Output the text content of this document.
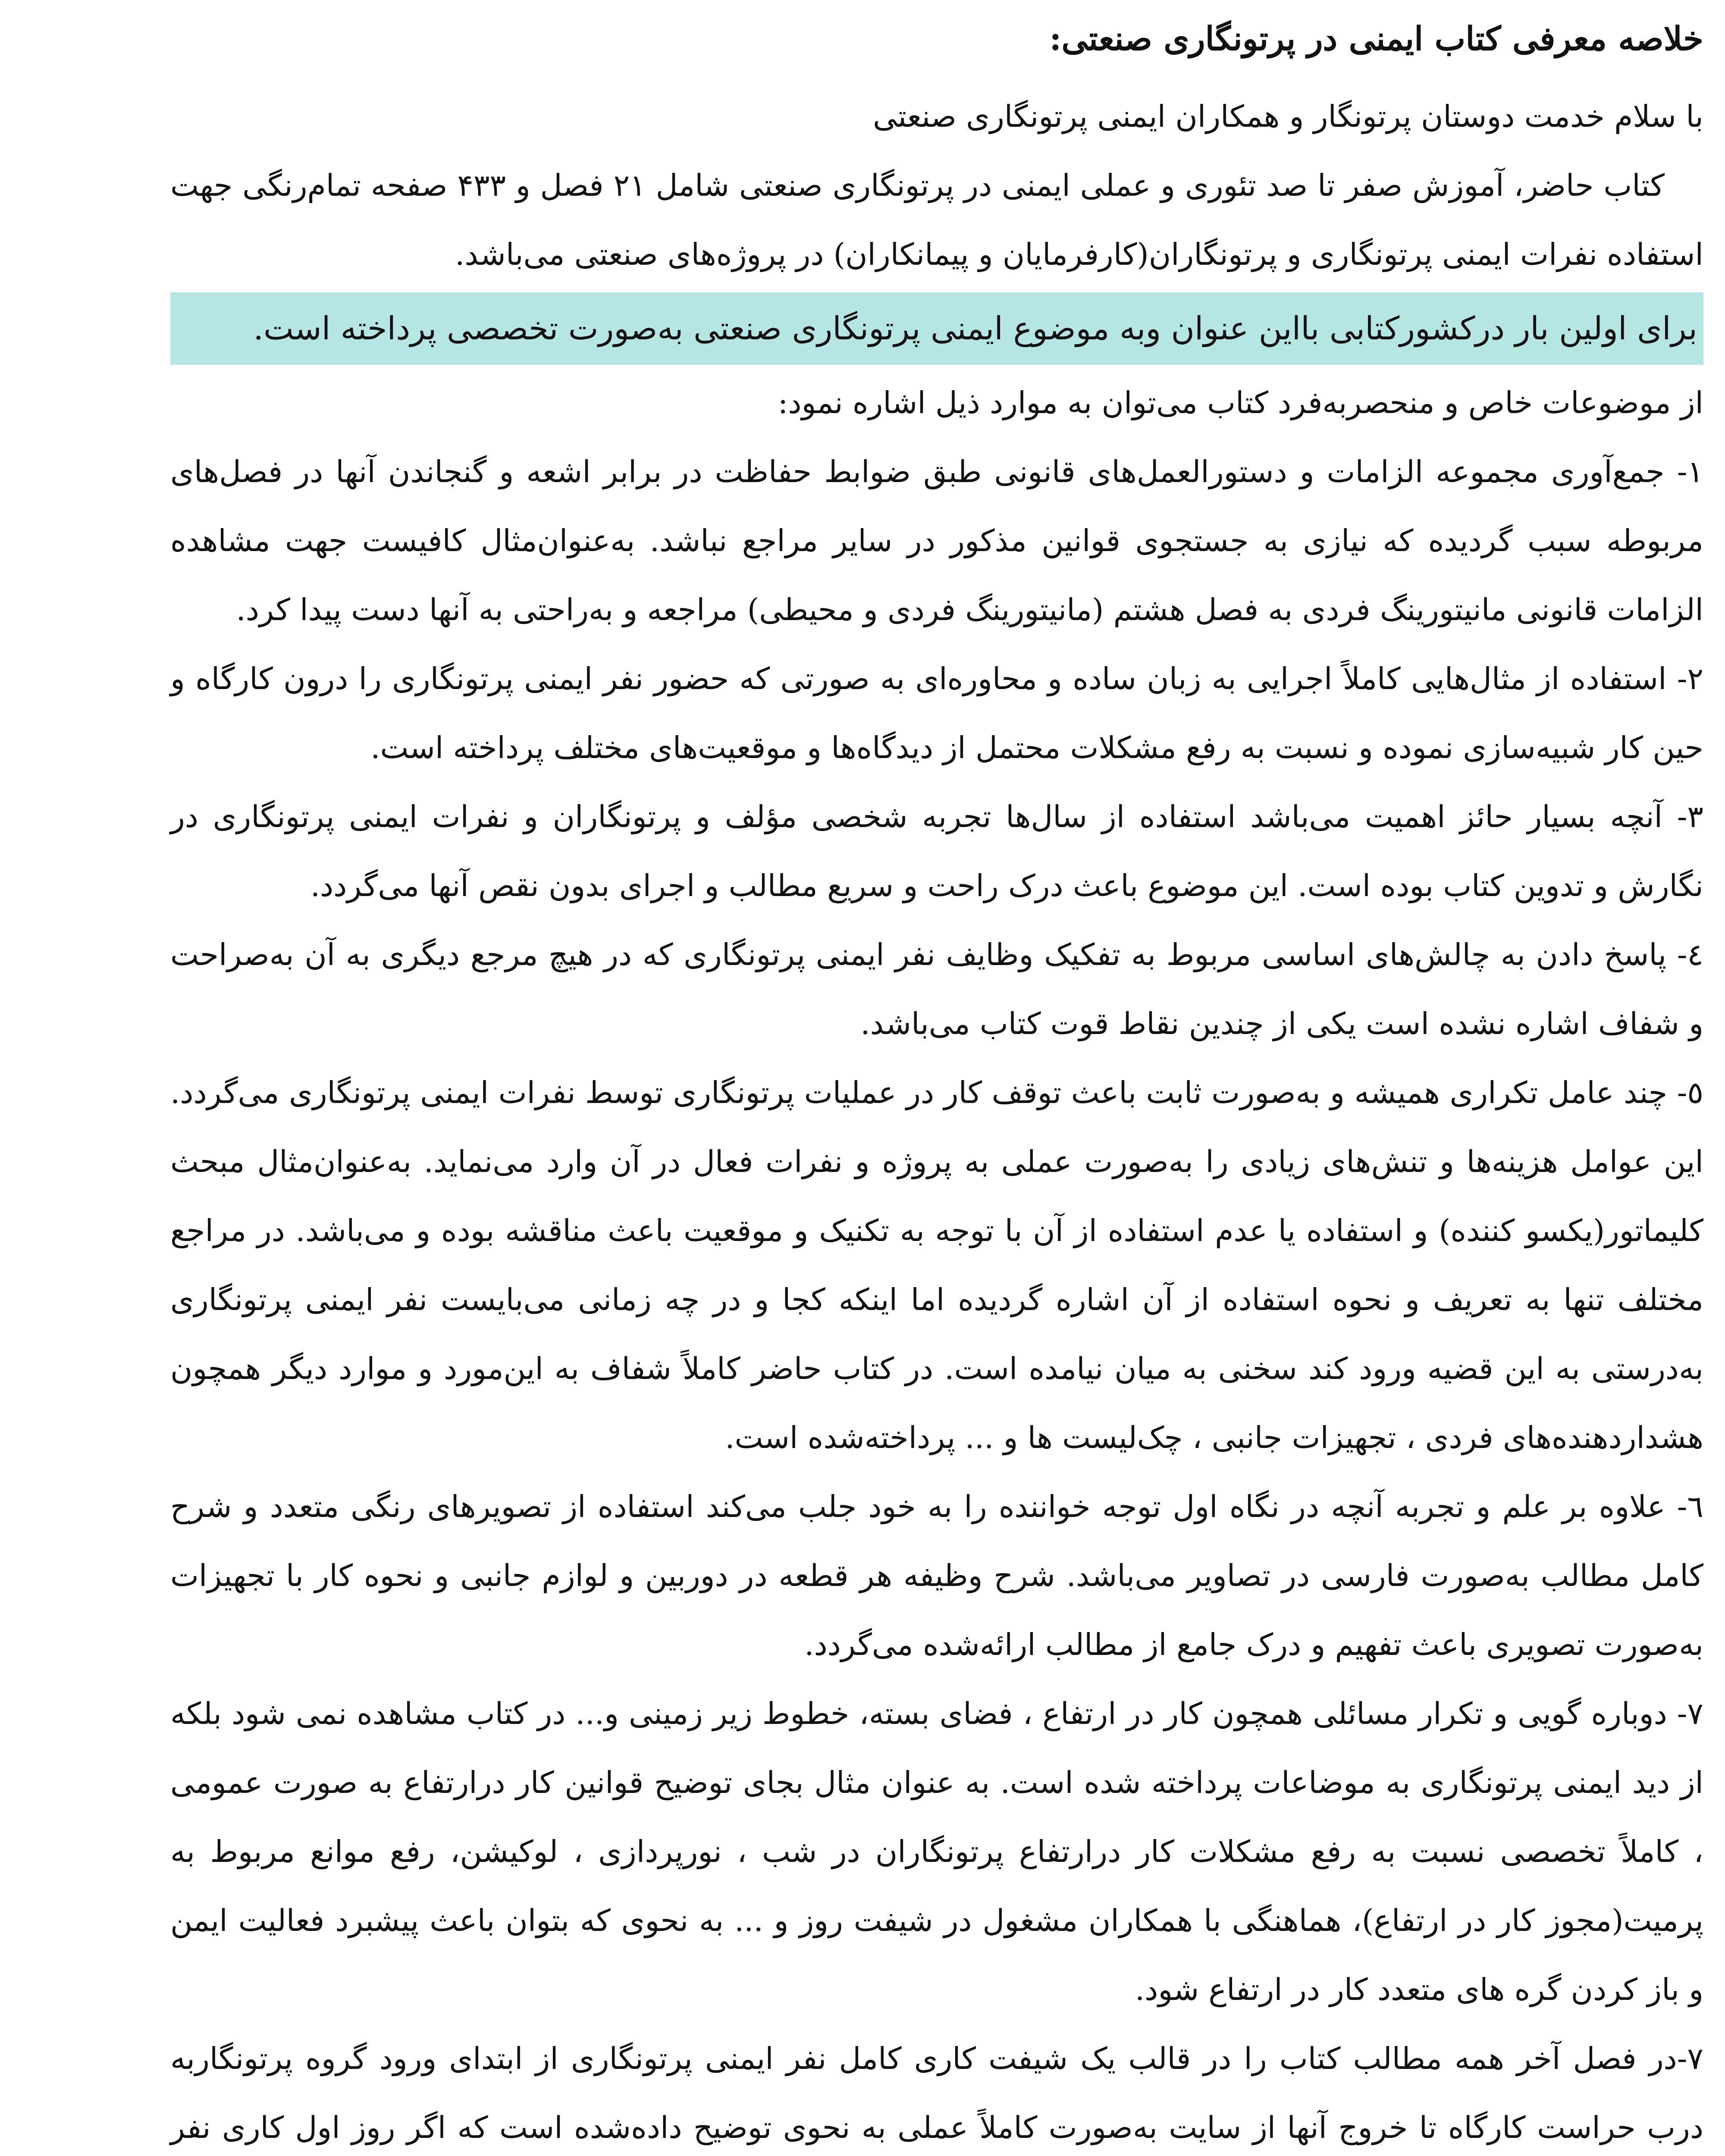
خلاصه معرفی کتاب ایمنی در پرتونگاری صنعتی:

با سلام خدمت دوستان پرتونگار و همکاران ایمنی پرتونگاری صنعتی

کتاب حاضر، آموزش صفر تا صد تئوری و عملی ایمنی در پرتونگاری صنعتی شامل ۲۱ فصل و ۴۳۳ صفحه تمام‌رنگی جهت استفاده نفرات ایمنی پرتونگاری و پرتونگاران(کارفرمایان و پیمانکاران) در پروژه‌های صنعتی می‌باشد.

برای اولین بار درکشورکتابی بااین عنوان وبه موضوع ایمنی پرتونگاری صنعتی به‌صورت تخصصی پرداخته است.

از موضوعات خاص و منحصربه‌فرد کتاب می‌توان به موارد ذیل اشاره نمود:

۱- جمع‌آوری مجموعه الزامات و دستورالعمل‌های قانونی طبق ضوابط حفاظت در برابر اشعه و گنجاندن آنها در فصل‌های مربوطه سبب گردیده که نیازی به جستجوی قوانین مذکور در سایر مراجع نباشد. به‌عنوان‌مثال کافیست جهت مشاهده الزامات قانونی مانیتورینگ فردی به فصل هشتم (مانیتورینگ فردی و محیطی) مراجعه و به‌راحتی به آنها دست پیدا کرد.

۲- استفاده از مثال‌هایی کاملاً اجرایی به زبان ساده و محاوره‌ای به صورتی که حضور نفر ایمنی پرتونگاری را درون کارگاه و حین کار شبیه‌سازی نموده و نسبت به رفع مشکلات محتمل از دیدگاه‌ها و موقعیت‌های مختلف پرداخته است.

۳- آنچه بسیار حائز اهمیت می‌باشد استفاده از سال‌ها تجربه شخصی مؤلف و پرتونگاران و نفرات ایمنی پرتونگاری در نگارش و تدوین کتاب بوده است. این موضوع باعث درک راحت و سریع مطالب و اجرای بدون نقص آنها می‌گردد.

٤- پاسخ دادن به چالش‌های اساسی مربوط به تفکیک وظایف نفر ایمنی پرتونگاری که در هیچ مرجع دیگری به آن به‌صراحت و شفاف اشاره نشده است یکی از چندین نقاط قوت کتاب می‌باشد.

٥- چند عامل تکراری همیشه و به‌صورت ثابت باعث توقف کار در عملیات پرتونگاری توسط نفرات ایمنی پرتونگاری می‌گردد. این عوامل هزینه‌ها و تنش‌های زیادی را به‌صورت عملی به پروژه و نفرات فعال در آن وارد می‌نماید. به‌عنوان‌مثال مبحث کلیماتور(یکسو کننده) و استفاده یا عدم استفاده از آن با توجه به تکنیک و موقعیت باعث مناقشه بوده و می‌باشد. در مراجع مختلف تنها به تعریف و نحوه استفاده از آن اشاره گردیده اما اینکه کجا و در چه زمانی می‌بایست نفر ایمنی پرتونگاری به‌درستی به این قضیه ورود کند سخنی به میان نیامده است. در کتاب حاضر کاملاً شفاف به این‌مورد و موارد دیگر همچون هشداردهنده‌های فردی ، تجهیزات جانبی ، چک‌لیست ها و ... پرداخته‌شده است.

٦- علاوه بر علم و تجربه آنچه در نگاه اول توجه خواننده را به خود جلب می‌کند استفاده از تصویرهای رنگی متعدد و شرح کامل مطالب به‌صورت فارسی در تصاویر می‌باشد. شرح وظیفه هر قطعه در دوربین و لوازم جانبی و نحوه کار با تجهیزات به‌صورت تصویری باعث تفهیم و درک جامع از مطالب ارائه‌شده می‌گردد.

۷- دوباره گویی و تکرار مسائلی همچون کار در ارتفاع ، فضای بسته، خطوط زیر زمینی و... در کتاب مشاهده نمی شود بلکه از دید ایمنی پرتونگاری به موضاعات پرداخته شده است. به عنوان مثال بجای توضیح قوانین کار درارتفاع به صورت عمومی ، کاملاً تخصصی نسبت به رفع مشکلات کار درارتفاع پرتونگاران در شب ، نورپردازی ، لوکیشن، رفع موانع مربوط به پرمیت(مجوز کار در ارتفاع)، هماهنگی با همکاران مشغول در شیفت روز و ... به نحوی که بتوان باعث پیشبرد فعالیت ایمن و باز کردن گره های متعدد کار در ارتفاع شود.

۷-در فصل آخر همه مطالب کتاب را در قالب یک شیفت کاری کامل نفر ایمنی پرتونگاری از ابتدای ورود گروه پرتونگاربه درب حراست کارگاه تا خروج آنها از سایت به‌صورت کاملاً عملی به نحوی توضیح داده‌شده است که اگر روز اول کاری نفر
